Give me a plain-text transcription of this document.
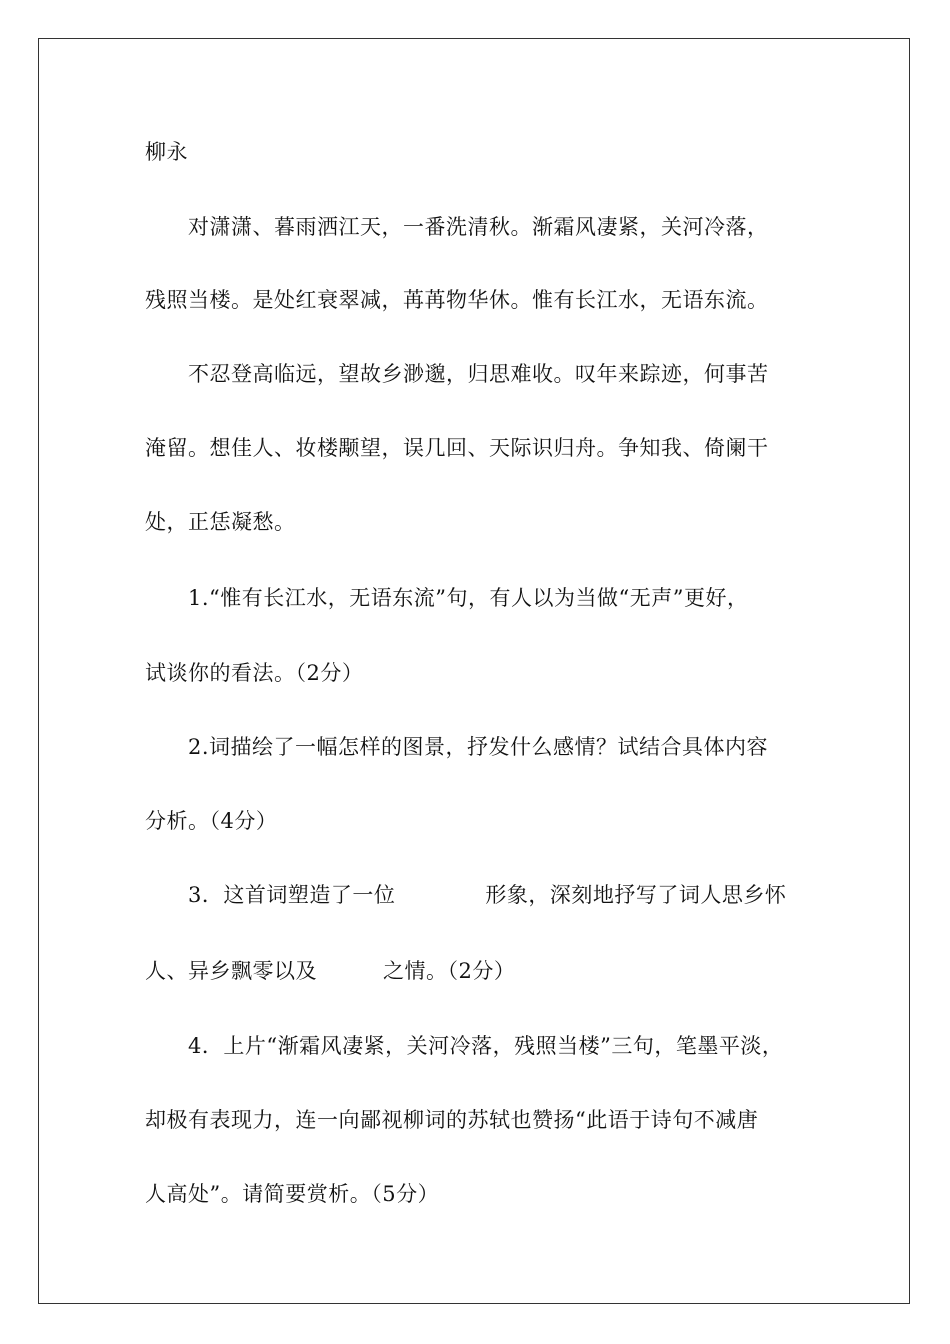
柳永
对潇潇、暮雨洒江天，一番洗清秋。渐霜风凄紧，关河冷落，
残照当楼。是处红衰翠减，苒苒物华休。惟有长江水，无语东流。
不忍登高临远，望故乡渺邈，归思难收。叹年来踪迹，何事苦
淹留。想佳人、妆楼颙望，误几回、天际识归舟。争知我、倚阑干
处，正恁凝愁。
1.“惟有长江水，无语东流”句，有人以为当做“无声”更好，
试谈你的看法。（2分）
2.词描绘了一幅怎样的图景，抒发什么感情？试结合具体内容
分析。（4分）
3．这首词塑造了一位	形象，深刻地抒写了词人思乡怀
人、异乡飘零以及	之情。（2分）
4．上片“渐霜风凄紧，关河冷落，残照当楼”三句，笔墨平淡，
却极有表现力，连一向鄙视柳词的苏轼也赞扬“此语于诗句不减唐
人高处”。请简要赏析。（5分）
